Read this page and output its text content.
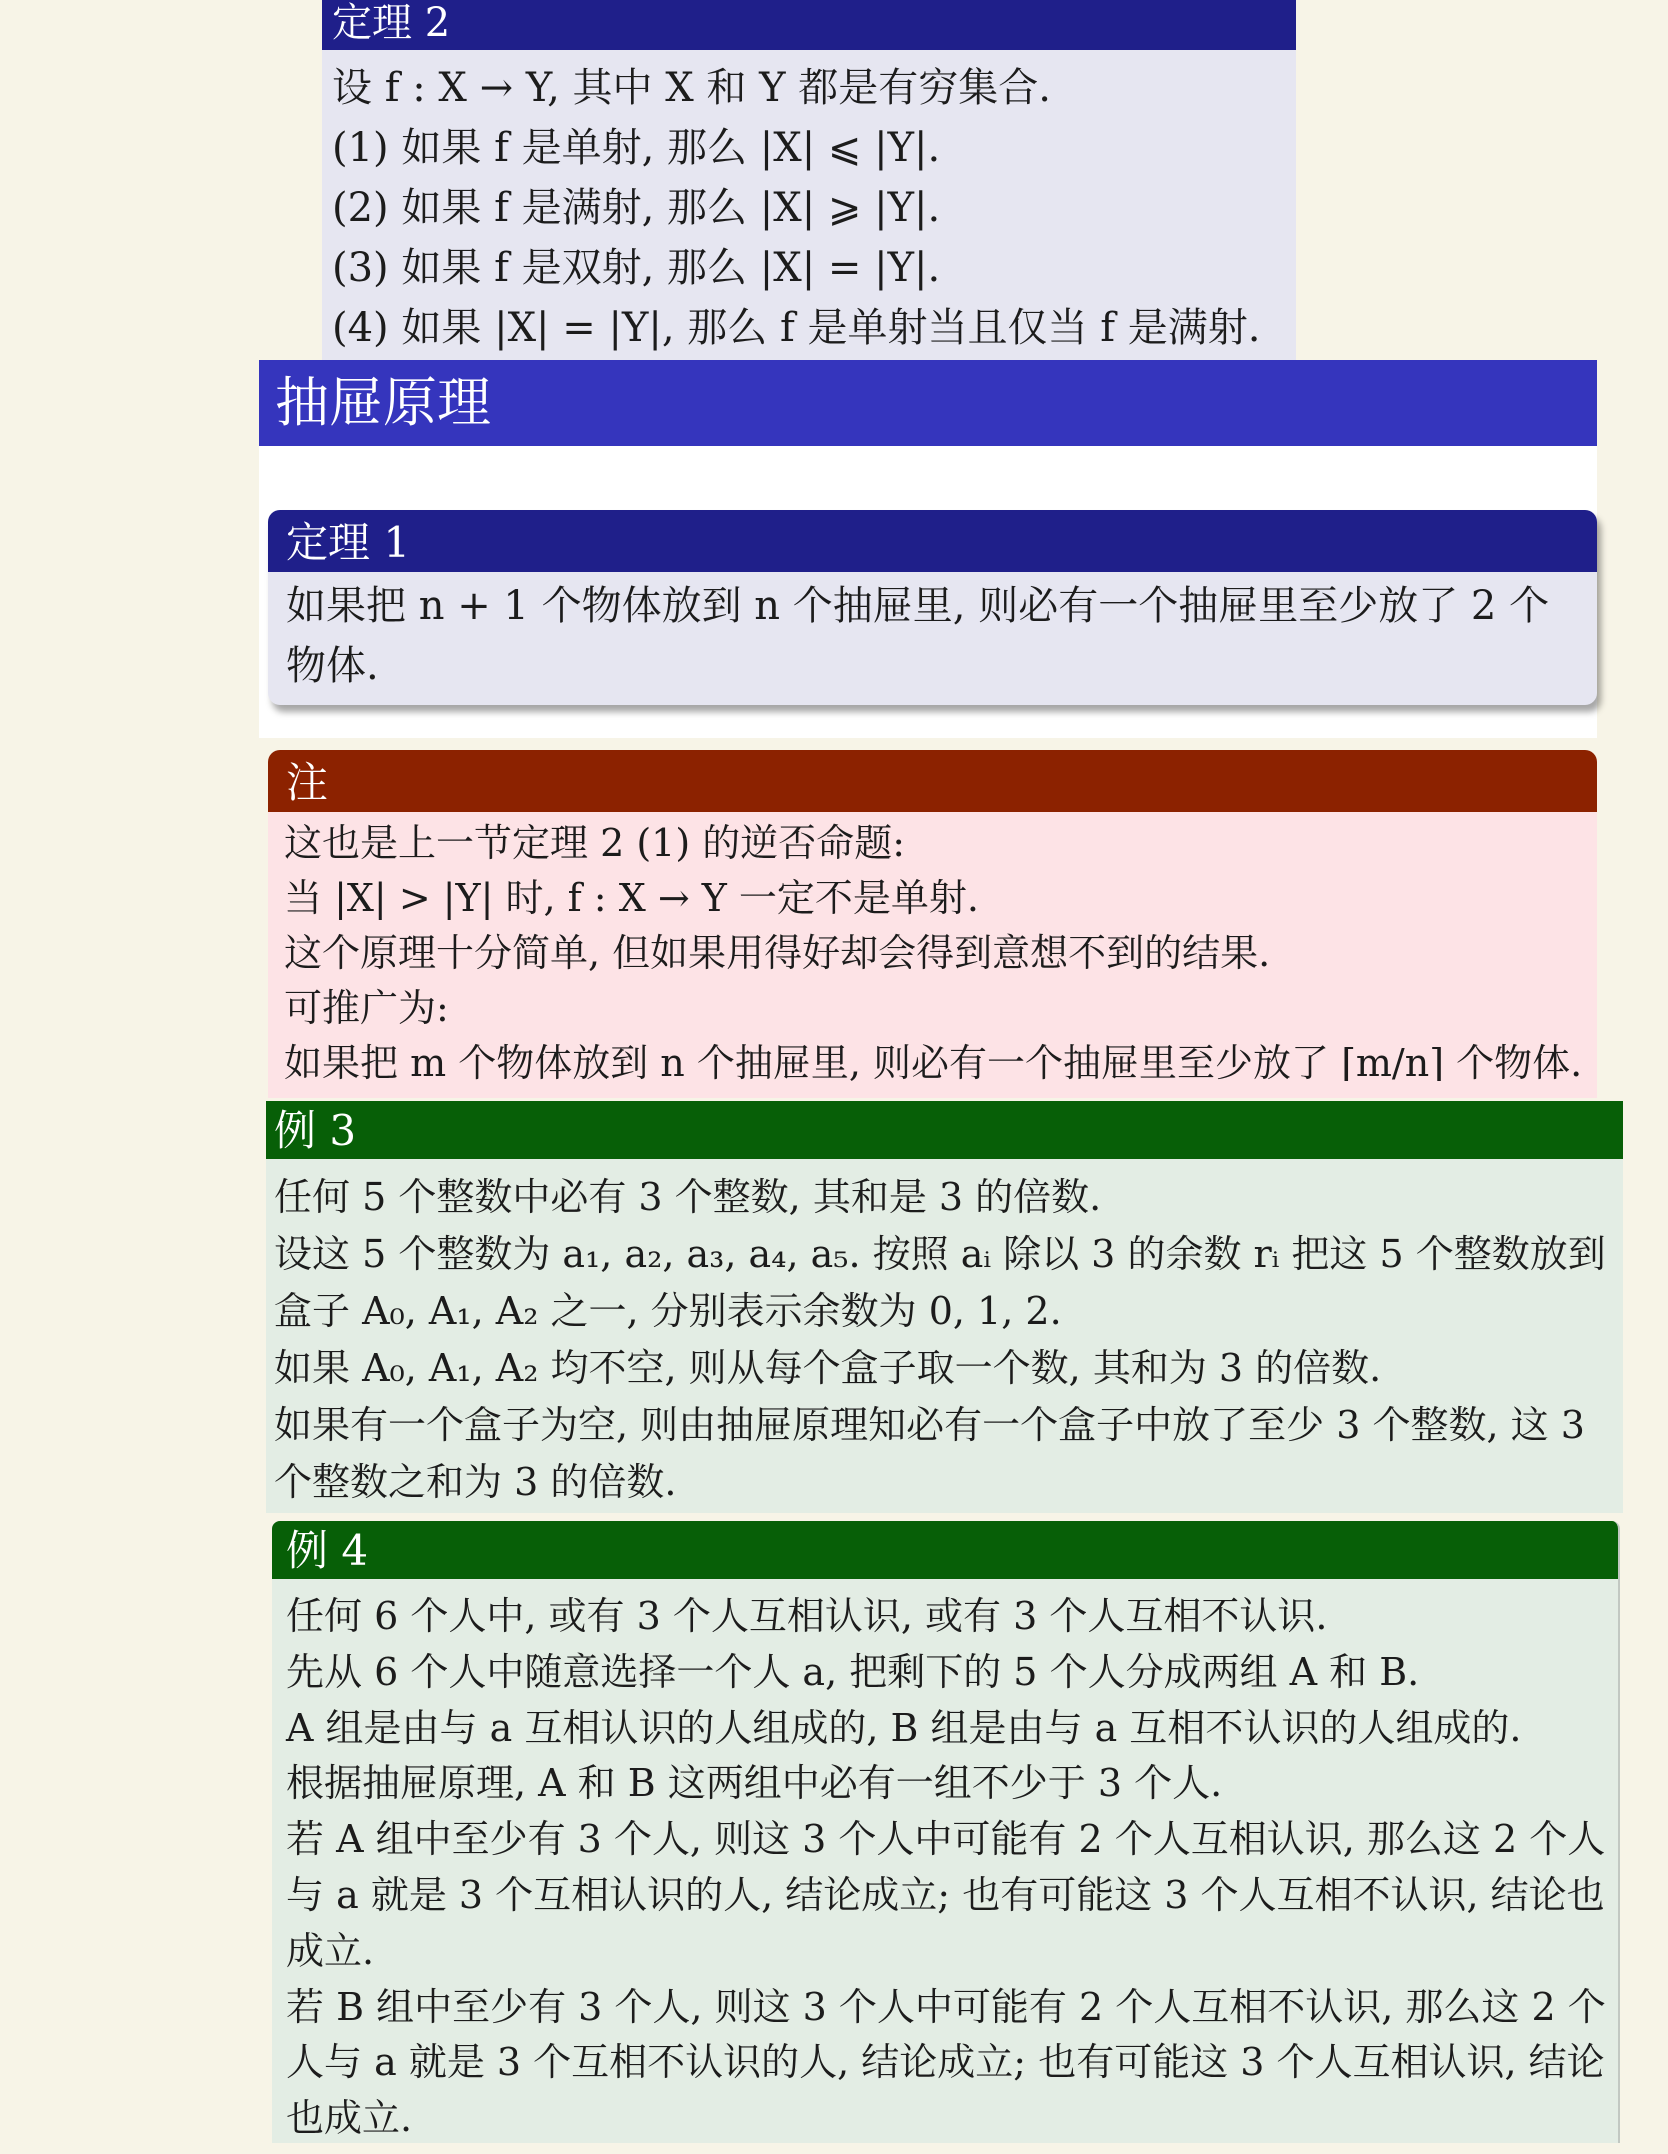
定理 2

设 f : X → Y, 其中 X 和 Y 都是有穷集合.

(1) 如果 f 是单射, 那么 |X| ⩽ |Y|.

(2) 如果 f 是满射, 那么 |X| ⩾ |Y|.

(3) 如果 f 是双射, 那么 |X| = |Y|.

(4) 如果 |X| = |Y|, 那么 f 是单射当且仅当 f 是满射.

抽屉原理
定理 1

如果把 n + 1 个物体放到 n 个抽屉里, 则必有一个抽屉里至少放了 2 个

物体.

注

这也是上一节定理 2 (1) 的逆否命题:

当 |X| > |Y| 时, f : X → Y 一定不是单射.

这个原理十分简单, 但如果用得好却会得到意想不到的结果.

可推广为:

如果把 m 个物体放到 n 个抽屉里, 则必有一个抽屉里至少放了 ⌈m/n⌉ 个物体.

例 3

任何 5 个整数中必有 3 个整数, 其和是 3 的倍数.

设这 5 个整数为 a₁, a₂, a₃, a₄, a₅. 按照 aᵢ 除以 3 的余数 rᵢ 把这 5 个整数放到

盒子 A₀, A₁, A₂ 之一, 分别表示余数为 0, 1, 2.

如果 A₀, A₁, A₂ 均不空, 则从每个盒子取一个数, 其和为 3 的倍数.

如果有一个盒子为空, 则由抽屉原理知必有一个盒子中放了至少 3 个整数, 这 3

个整数之和为 3 的倍数.

例 4

任何 6 个人中, 或有 3 个人互相认识, 或有 3 个人互相不认识.

先从 6 个人中随意选择一个人 a, 把剩下的 5 个人分成两组 A 和 B.

A 组是由与 a 互相认识的人组成的, B 组是由与 a 互相不认识的人组成的.

根据抽屉原理, A 和 B 这两组中必有一组不少于 3 个人.

若 A 组中至少有 3 个人, 则这 3 个人中可能有 2 个人互相认识, 那么这 2 个人

与 a 就是 3 个互相认识的人, 结论成立; 也有可能这 3 个人互相不认识, 结论也

成立.

若 B 组中至少有 3 个人, 则这 3 个人中可能有 2 个人互相不认识, 那么这 2 个

人与 a 就是 3 个互相不认识的人, 结论成立; 也有可能这 3 个人互相认识, 结论

也成立.
